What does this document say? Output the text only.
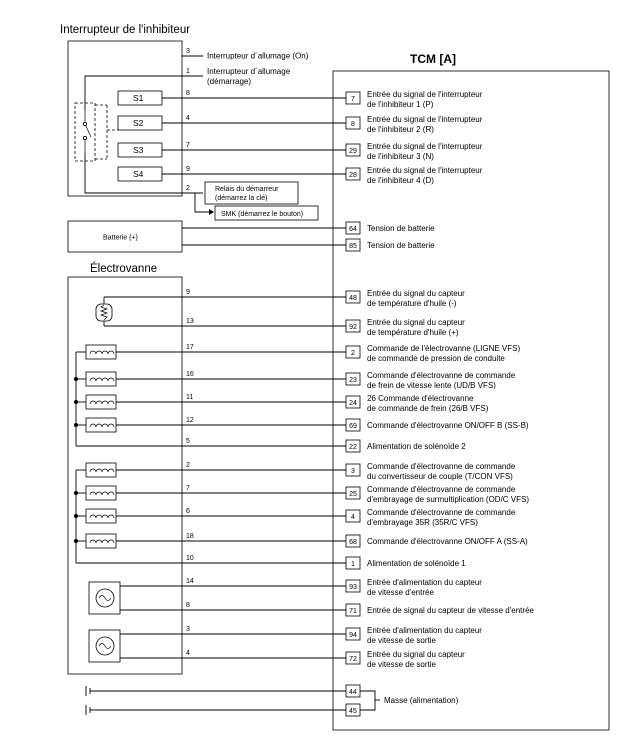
Interrupteur de l'inhibiteur
TCM [A]
Électrovanne
Batterie (+)
S1
S2
S3
S4
3 Interrupteur d´allumage (On)
1 Interrupteur d´allumage
(démarrage)
8
4
7
9
2	Relais du démarreur
(démarrez la clé)
SMK (démarrez le bouton)
9
13
17
16
11
12
5
2
7
6
18
10
14
8
3
4
7
Entrée du signal de l'interrupteur
de l'inhibiteur 1 (P)
8
Entrée du signal de l'interrupteur
de l'inhibiteur 2 (R)
29
Entrée du signal de l'interrupteur
de l'inhibiteur 3 (N)
28
Entrée du signal de l'interrupteur
de l'inhibiteur 4 (D)
64 Tension de batterie
85 Tension de batterie
48
Entrée du signal du capteur
de température d'huile (-)
92
Entrée du signal du capteur
de température d'huile (+)
2
Commande de l'électrovanne (LIGNE VFS)
de commande de pression de conduite
23
Commande d'électrovanne de commande
de frein de vitesse lente (UD/B VFS)
24
26 Commande d'électrovanne
de commande de frein (26/B VFS)
69 Commande d'électrovanne ON/OFF B (SS-B)
22 Alimentation de solénoïde 2
3
Commande d'électrovanne de commande
du convertisseur de couple (T/CON VFS)
25
Commande d'électrovanne de commande
d'embrayage de surmultiplication (OD/C VFS)
4
Commande d'électrovanne de commande
d'embrayage 35R (35R/C VFS)
68 Commande d'électrovanne ON/OFF A (SS-A)
1 Alimentation de solénoïde 1
93
Entrée d'alimentation du capteur
de vitesse d'entrée
71 Entrée de signal du capteur de vitesse d'entrée
94
Entrée d'alimentation du capteur
de vitesse de sortie
72
Entrée du signal du capteur
de vitesse de sortie
44
45
Masse (alimentation)
